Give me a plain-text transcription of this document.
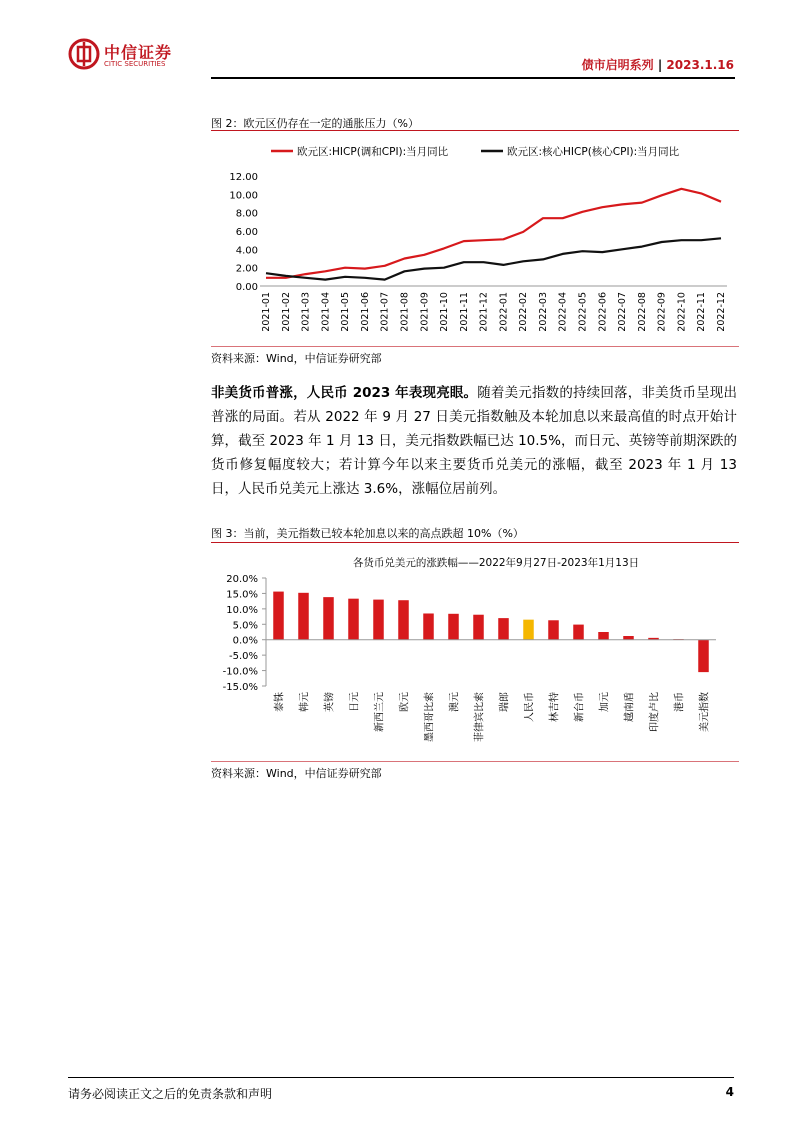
中信证券
CITIC SECURITIES	债市启明系列 | 2023.1.16
图 2：欧元区仍存在一定的通胀压力（%）
欧元区:HICP(调和CPI):当月同比	欧元区:核心HICP(核心CPI):当月同比
0.00
2.00
4.00
6.00
8.00
10.00
12.00
2021-01 2021-02 2021-03 2021-04 2021-05 2021-06 2021-07 2021-08 2021-09 2021-10 2021-11 2021-12 2022-01 2022-02 2022-03 2022-04 2022-05 2022-06 2022-07 2022-08 2022-09 2022-10 2022-11 2022-12
资料来源：Wind，中信证券研究部
非美货币普涨，人民币 2023 年表现亮眼。随着美元指数的持续回落，非美货币呈现出普涨的局面。若从 2022 年 9 月 27 日美元指数触及本轮加息以来最高值的时点开始计算，截至 2023 年 1 月 13 日，美元指数跌幅已达 10.5%，而日元、英镑等前期深跌的货币修复幅度较大；若计算今年以来主要货币兑美元的涨幅，截至 2023 年 1 月 13 日，人民币兑美元上涨达 3.6%，涨幅位居前列。
图 3：当前，美元指数已较本轮加息以来的高点跌超 10%（%）
各货币兑美元的涨跌幅——2022年9月27日-2023年1月13日
20.0%
15.0%
10.0%
5.0%
0.0%
-5.0%
-10.0%
-15.0%
泰铢 韩元 英镑 日元 新西兰元 欧元 墨西哥比索 澳元 菲律宾比索 瑞郎 人民币 林吉特 新台币 加元 越南盾 印度卢比 港币 美元指数
资料来源：Wind，中信证券研究部
请务必阅读正文之后的免责条款和声明	4
